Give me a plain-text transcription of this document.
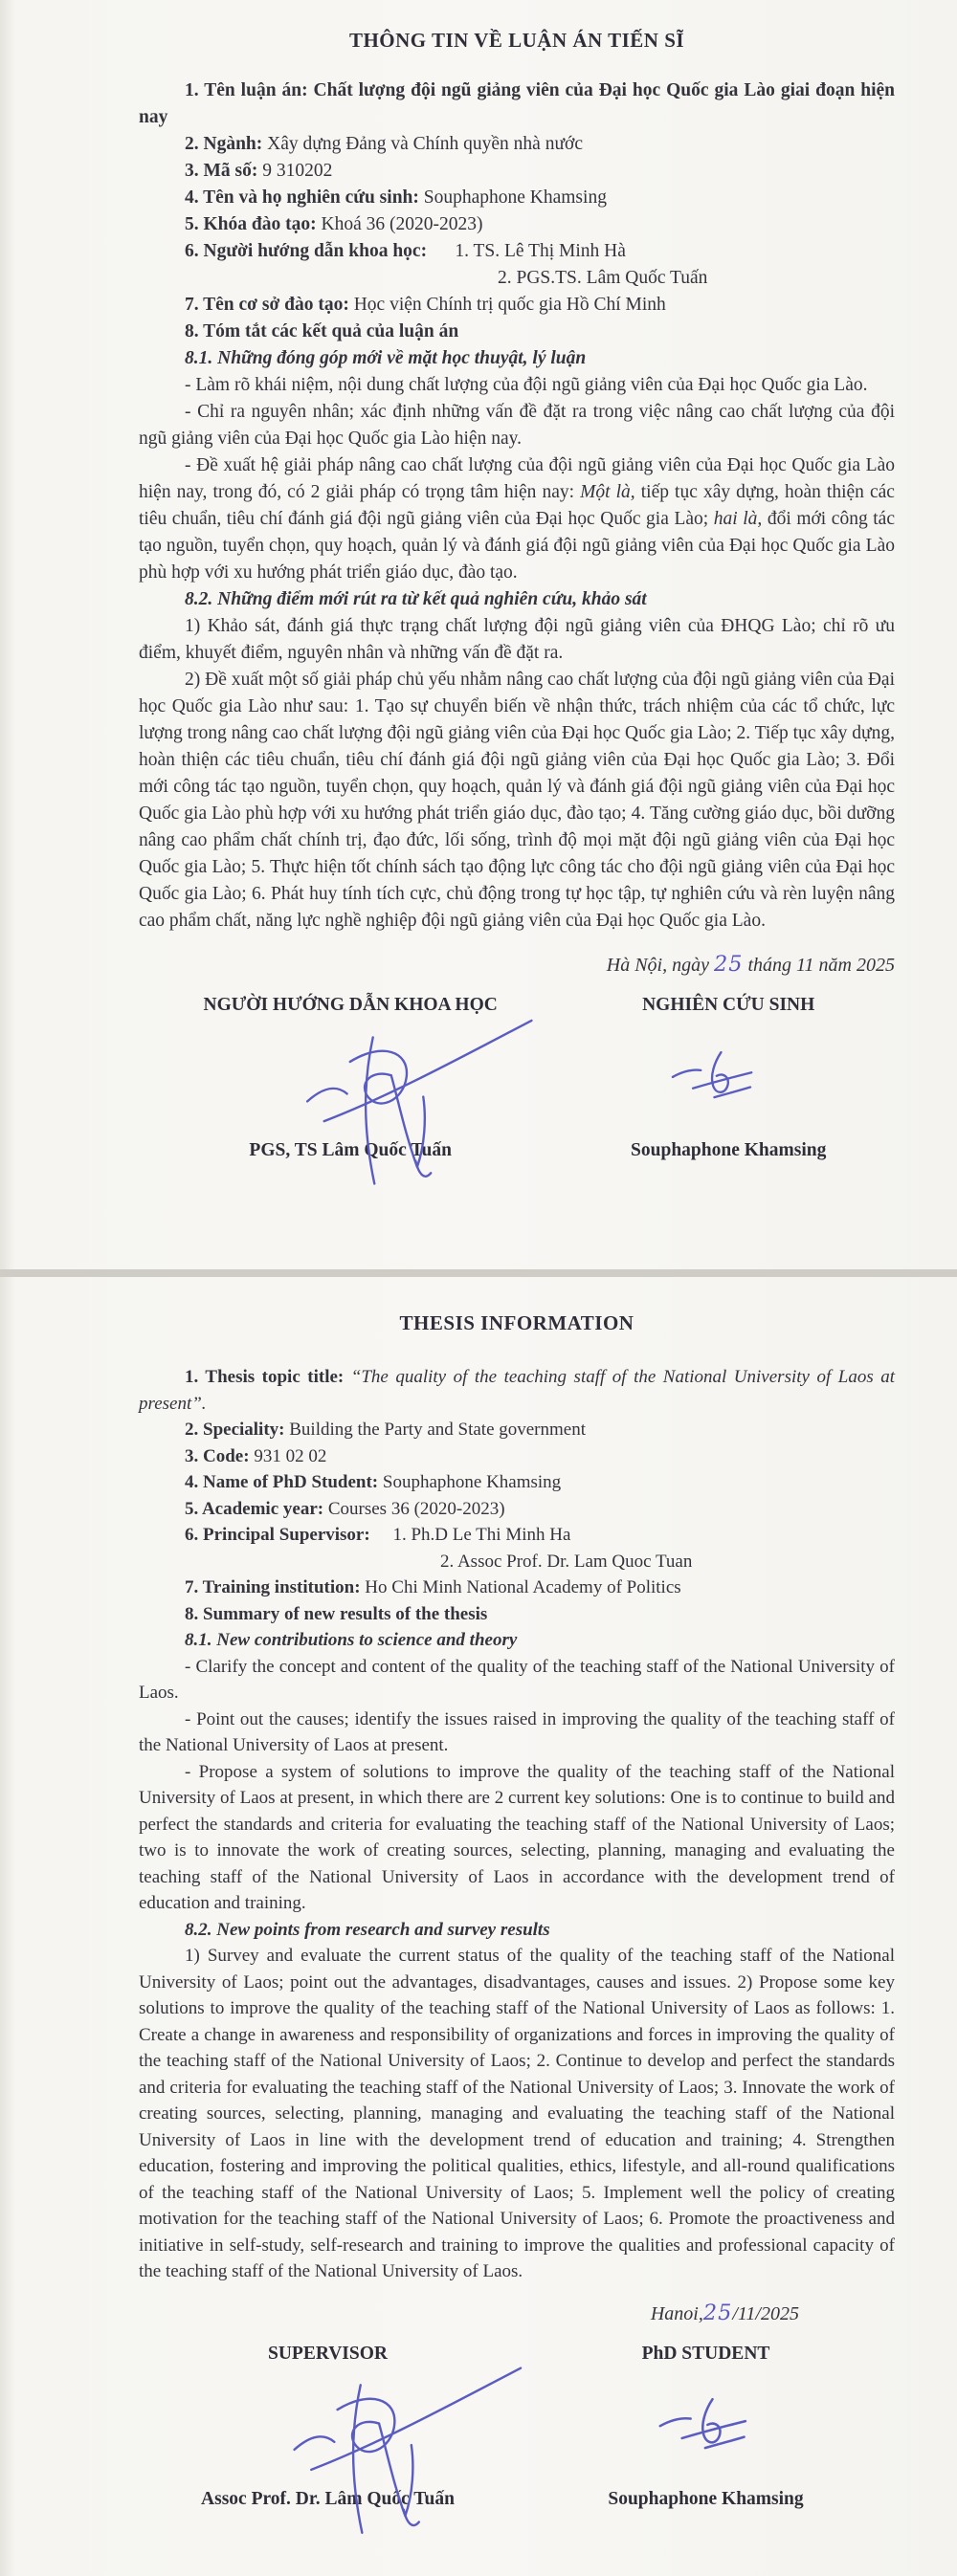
THÔNG TIN VỀ LUẬN ÁN TIẾN SĨ

1. Tên luận án: Chất lượng đội ngũ giảng viên của Đại học Quốc gia Lào giai đoạn hiện nay

2. Ngành: Xây dựng Đảng và Chính quyền nhà nước

3. Mã số: 9 310202

4. Tên và họ nghiên cứu sinh: Souphaphone Khamsing

5. Khóa đào tạo: Khoá 36 (2020-2023)

6. Người hướng dẫn khoa học:      1. TS. Lê Thị Minh Hà

2. PGS.TS. Lâm Quốc Tuấn

7. Tên cơ sở đào tạo: Học viện Chính trị quốc gia Hồ Chí Minh

8. Tóm tắt các kết quả của luận án

8.1. Những đóng góp mới về mặt học thuyật, lý luận

- Làm rõ khái niệm, nội dung chất lượng của đội ngũ giảng viên của Đại học Quốc gia Lào.

- Chỉ ra nguyên nhân; xác định những vấn đề đặt ra trong việc nâng cao chất lượng của đội ngũ giảng viên của Đại học Quốc gia Lào hiện nay.

- Đề xuất hệ giải pháp nâng cao chất lượng của đội ngũ giảng viên của Đại học Quốc gia Lào hiện nay, trong đó, có 2 giải pháp có trọng tâm hiện nay: Một là, tiếp tục xây dựng, hoàn thiện các tiêu chuẩn, tiêu chí đánh giá đội ngũ giảng viên của Đại học Quốc gia Lào; hai là, đổi mới công tác tạo nguồn, tuyển chọn, quy hoạch, quản lý và đánh giá đội ngũ giảng viên của Đại học Quốc gia Lào phù hợp với xu hướng phát triển giáo dục, đào tạo.

8.2. Những điểm mới rút ra từ kết quả nghiên cứu, khảo sát

1) Khảo sát, đánh giá thực trạng chất lượng đội ngũ giảng viên của ĐHQG Lào; chỉ rõ ưu điểm, khuyết điểm, nguyên nhân và những vấn đề đặt ra.

2) Đề xuất một số giải pháp chủ yếu nhằm nâng cao chất lượng của đội ngũ giảng viên của Đại học Quốc gia Lào như sau: 1. Tạo sự chuyển biến về nhận thức, trách nhiệm của các tổ chức, lực lượng trong nâng cao chất lượng đội ngũ giảng viên của Đại học Quốc gia Lào; 2. Tiếp tục xây dựng, hoàn thiện các tiêu chuẩn, tiêu chí đánh giá đội ngũ giảng viên của Đại học Quốc gia Lào; 3. Đổi mới công tác tạo nguồn, tuyển chọn, quy hoạch, quản lý và đánh giá đội ngũ giảng viên của Đại học Quốc gia Lào phù hợp với xu hướng phát triển giáo dục, đào tạo; 4. Tăng cường giáo dục, bồi dưỡng nâng cao phẩm chất chính trị, đạo đức, lối sống, trình độ mọi mặt đội ngũ giảng viên của Đại học Quốc gia Lào; 5. Thực hiện tốt chính sách tạo động lực công tác cho đội ngũ giảng viên của Đại học Quốc gia Lào; 6. Phát huy tính tích cực, chủ động trong tự học tập, tự nghiên cứu và rèn luyện nâng cao phẩm chất, năng lực nghề nghiệp đội ngũ giảng viên của Đại học Quốc gia Lào.

Hà Nội, ngày 25 tháng 11 năm 2025

NGƯỜI HƯỚNG DẪN KHOA HỌC	NGHIÊN CỨU SINH
PGS, TS Lâm Quốc Tuấn	Souphaphone Khamsing
THESIS INFORMATION

1. Thesis topic title: “The quality of the teaching staff of the National University of Laos at present”.

2. Speciality: Building the Party and State government

3. Code: 931 02 02

4. Name of PhD Student: Souphaphone Khamsing

5. Academic year: Courses 36 (2020-2023)

6. Principal Supervisor:     1. Ph.D Le Thi Minh Ha

2. Assoc Prof. Dr. Lam Quoc Tuan

7. Training institution: Ho Chi Minh National Academy of Politics

8. Summary of new results of the thesis

8.1. New contributions to science and theory

- Clarify the concept and content of the quality of the teaching staff of the National University of Laos.

- Point out the causes; identify the issues raised in improving the quality of the teaching staff of the National University of Laos at present.

- Propose a system of solutions to improve the quality of the teaching staff of the National University of Laos at present, in which there are 2 current key solutions: One is to continue to build and perfect the standards and criteria for evaluating the teaching staff of the National University of Laos; two is to innovate the work of creating sources, selecting, planning, managing and evaluating the teaching staff of the National University of Laos in accordance with the development trend of education and training.

8.2. New points from research and survey results

1) Survey and evaluate the current status of the quality of the teaching staff of the National University of Laos; point out the advantages, disadvantages, causes and issues. 2) Propose some key solutions to improve the quality of the teaching staff of the National University of Laos as follows: 1. Create a change in awareness and responsibility of organizations and forces in improving the quality of the teaching staff of the National University of Laos; 2. Continue to develop and perfect the standards and criteria for evaluating the teaching staff of the National University of Laos; 3. Innovate the work of creating sources, selecting, planning, managing and evaluating the teaching staff of the National University of Laos in line with the development trend of education and training; 4. Strengthen education, fostering and improving the political qualities, ethics, lifestyle, and all-round qualifications of the teaching staff of the National University of Laos; 5. Implement well the policy of creating motivation for the teaching staff of the National University of Laos; 6. Promote the proactiveness and initiative in self-study, self-research and training to improve the qualities and professional capacity of the teaching staff of the National University of Laos.

Hanoi,25/11/2025

SUPERVISOR	PhD STUDENT
Assoc Prof. Dr. Lâm Quốc Tuấn	Souphaphone Khamsing
